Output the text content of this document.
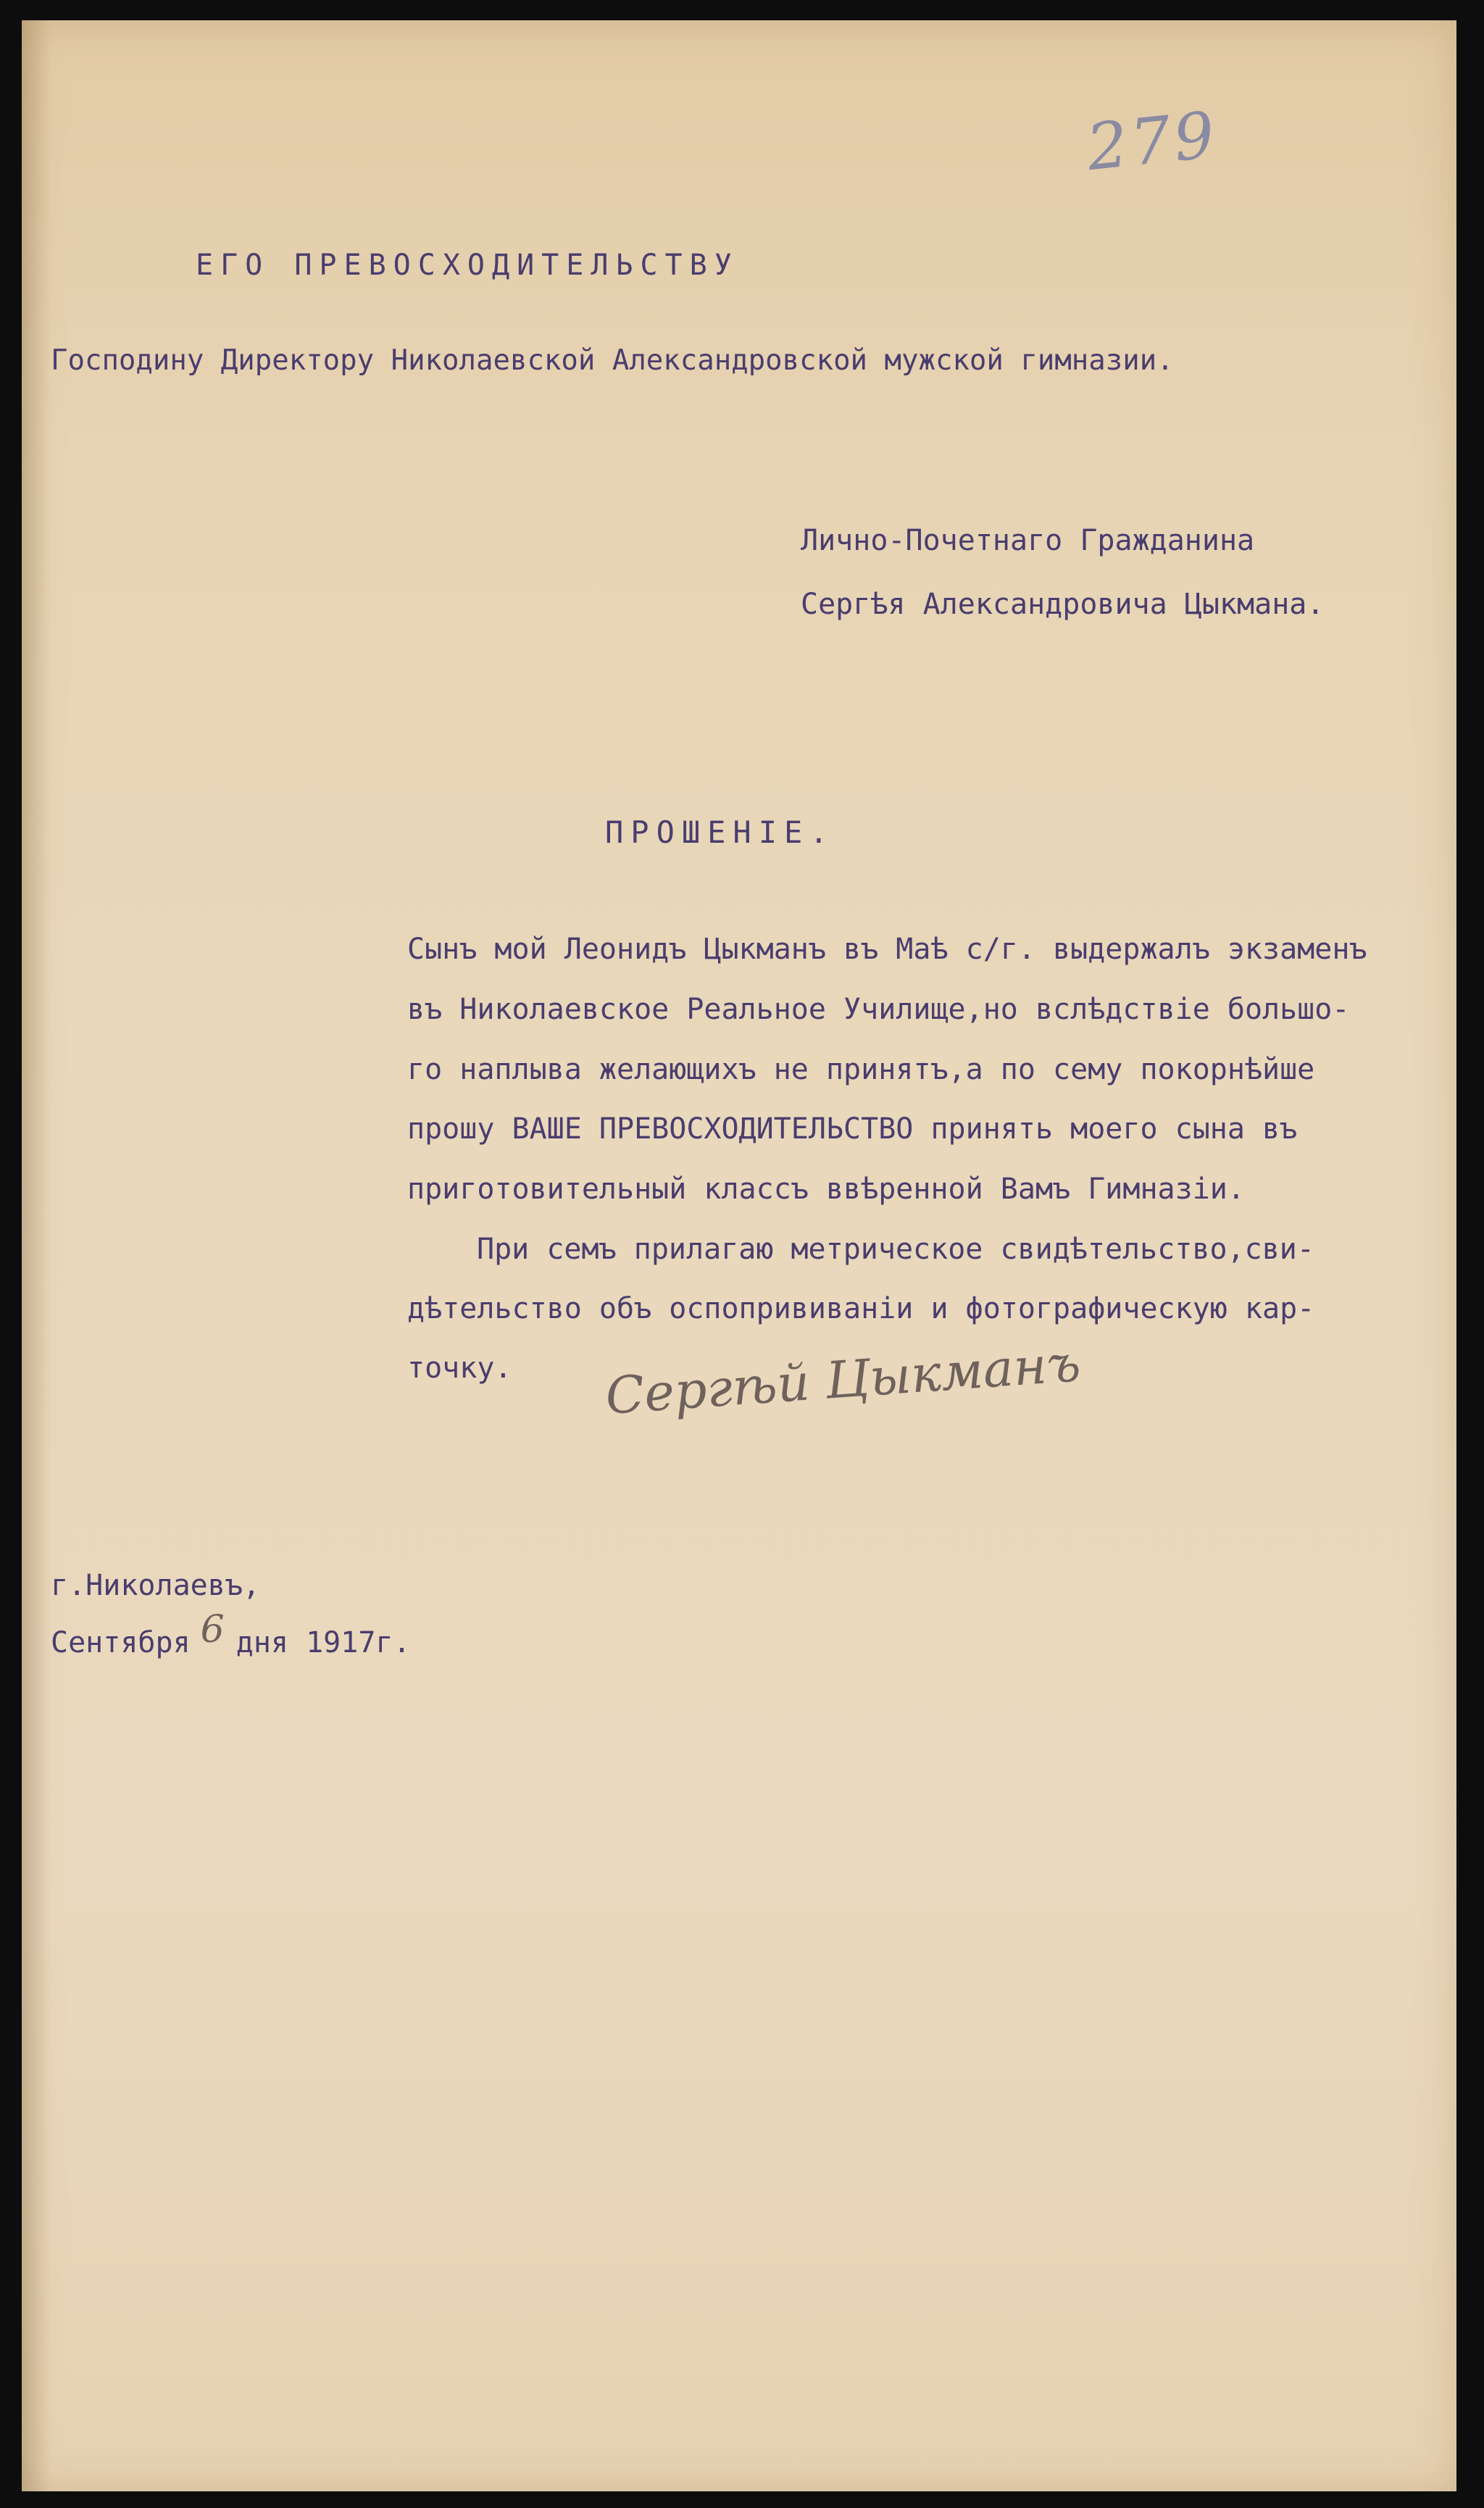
279
ЕГО ПРЕВОСХОДИТЕЛЬСТВУ
Господину Директору Николаевской Александровской мужской гимназии.
Лично-Почетнаго Гражданина
Сергѣя Александровича Цыкмана.
ПРОШЕНІЕ.
Сынъ мой Леонидъ Цыкманъ въ Маѣ с/г. выдержалъ экзаменъ
въ Николаевское Реальное Училище,но вслѣдствіе большо-
го наплыва желающихъ не принятъ,а по сему покорнѣйше
прошу ВАШЕ ПРЕВОСХОДИТЕЛЬСТВО принять моего сына въ
приготовительный классъ ввѣренной Вамъ Гимназіи.
При семъ прилагаю метрическое свидѣтельство,сви-
дѣтельство объ оспопрививаніи и фотографическую кар-
точку. Сергѣй Цыкманъ
г.Николаевъ,
Сентября 6 дня 1917г.
